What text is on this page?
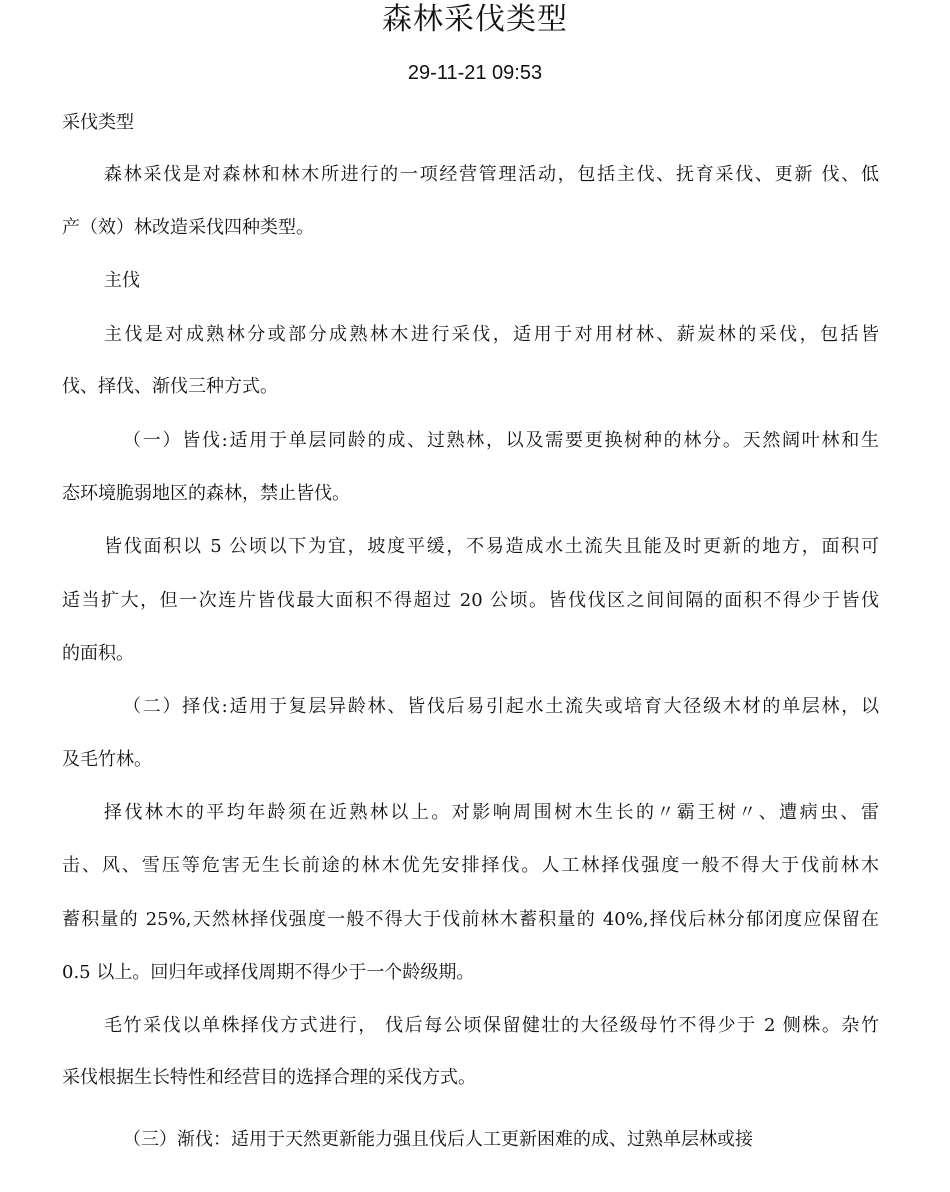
森林采伐类型
29-11-21 09:53

采伐类型

森林采伐是对森林和林木所进行的一项经营管理活动，包括主伐、抚育采伐、更新 伐、低

产（效）林改造采伐四种类型。

主伐

主伐是对成熟林分或部分成熟林木进行采伐，适用于对用材林、薪炭林的采伐，包括皆

伐、择伐、渐伐三种方式。

（一）皆伐:适用于单层同龄的成、过熟林，以及需要更换树种的林分。天然阔叶林和生

态环境脆弱地区的森林，禁止皆伐。

皆伐面积以 5 公顷以下为宜，坡度平缓，不易造成水土流失且能及时更新的地方，面积可

适当扩大，但一次连片皆伐最大面积不得超过 20 公顷。皆伐伐区之间间隔的面积不得少于皆伐

的面积。

（二）择伐:适用于复层异龄林、皆伐后易引起水土流失或培育大径级木材的单层林，以

及毛竹林。

择伐林木的平均年龄须在近熟林以上。对影响周围树木生长的〃霸王树〃、遭病虫、雷

击、风、雪压等危害无生长前途的林木优先安排择伐。人工林择伐强度一般不得大于伐前林木

蓄积量的 25%,天然林择伐强度一般不得大于伐前林木蓄积量的 40%,择伐后林分郁闭度应保留在

0.5 以上。回归年或择伐周期不得少于一个龄级期。

毛竹采伐以单株择伐方式进行， 伐后每公顷保留健壮的大径级母竹不得少于 2 侧株。杂竹

采伐根据生长特性和经营目的选择合理的采伐方式。

（三）渐伐：适用于天然更新能力强且伐后人工更新困难的成、过熟单层林或接
